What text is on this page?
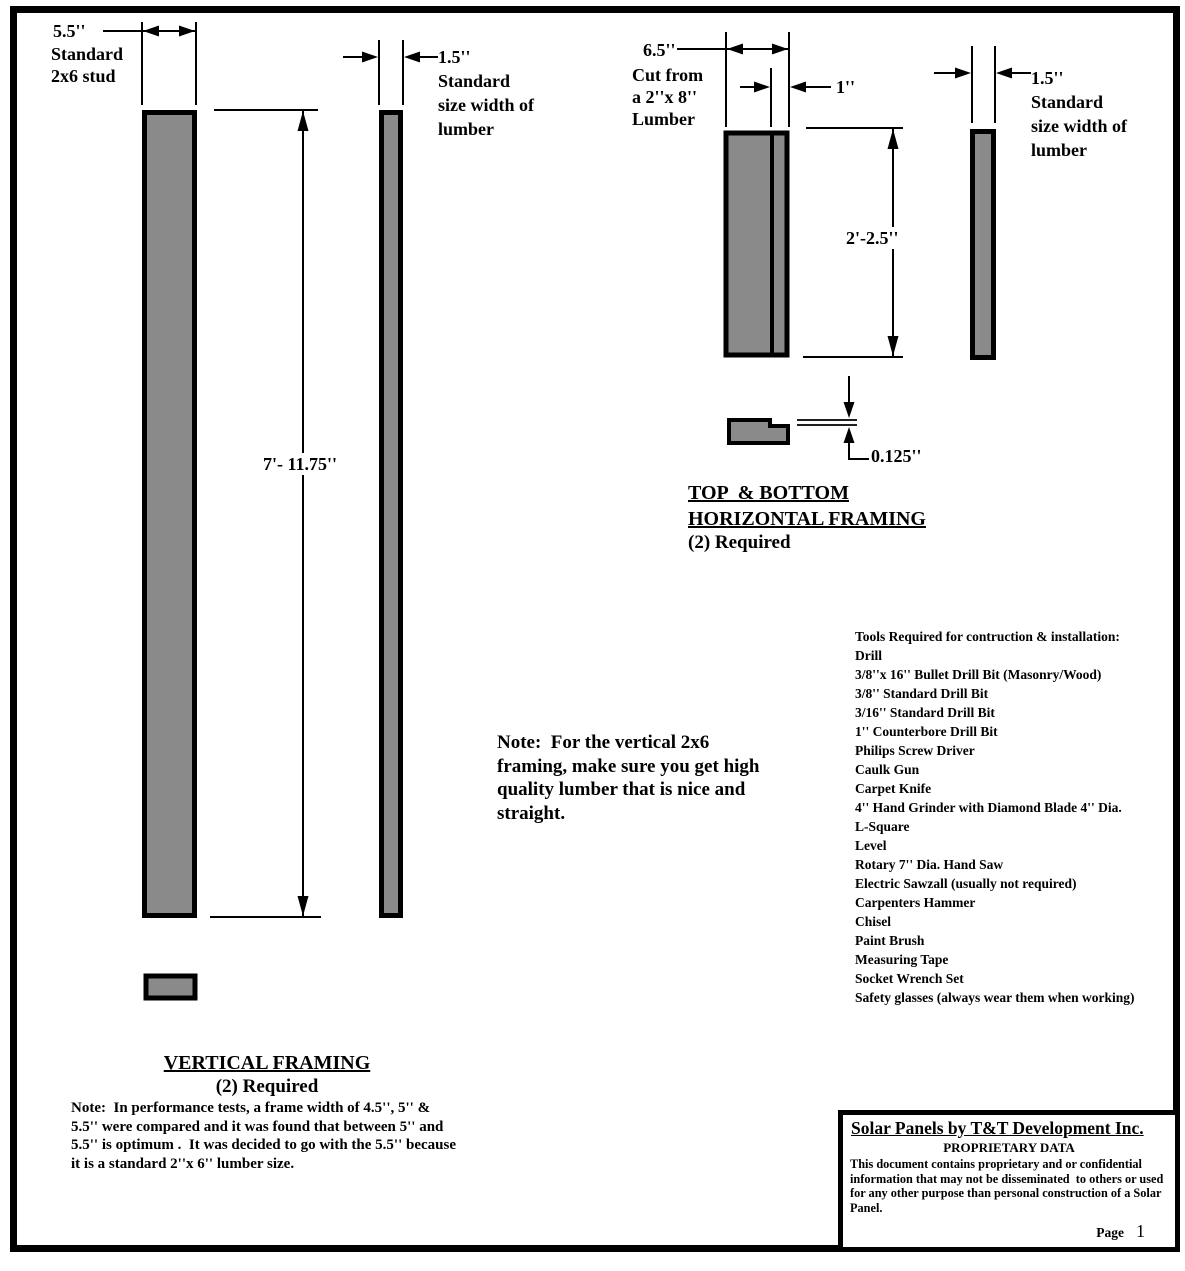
5.5''
Standard
2x6 stud
1.5''
Standard
size width of
lumber
6.5''
Cut from
a 2''x 8''
Lumber
1''
2'-2.5''
7'- 11.75''	0.125''
1.5''
Standard
size width of
lumber
TOP  & BOTTOM
HORIZONTAL FRAMING
(2) Required
VERTICAL FRAMING
(2) Required
Note:  In performance tests, a frame width of 4.5'', 5'' &
5.5'' were compared and it was found that between 5'' and
5.5'' is optimum .  It was decided to go with the 5.5'' because
it is a standard 2''x 6'' lumber size.
Note:  For the vertical 2x6
framing, make sure you get high
quality lumber that is nice and
straight.
Tools Required for contruction & installation:
Drill
3/8''x 16'' Bullet Drill Bit (Masonry/Wood)
3/8'' Standard Drill Bit
3/16'' Standard Drill Bit
1'' Counterbore Drill Bit
Philips Screw Driver
Caulk Gun
Carpet Knife
4'' Hand Grinder with Diamond Blade 4'' Dia.
L-Square
Level
Rotary 7'' Dia. Hand Saw
Electric Sawzall (usually not required)
Carpenters Hammer
Chisel
Paint Brush
Measuring Tape
Socket Wrench Set
Safety glasses (always wear them when working)
Solar Panels by T&T Development Inc.
PROPRIETARY DATA
This document contains proprietary and or confidential
information that may not be disseminated  to others or used
for any other purpose than personal construction of a Solar
Panel.
Page 1
